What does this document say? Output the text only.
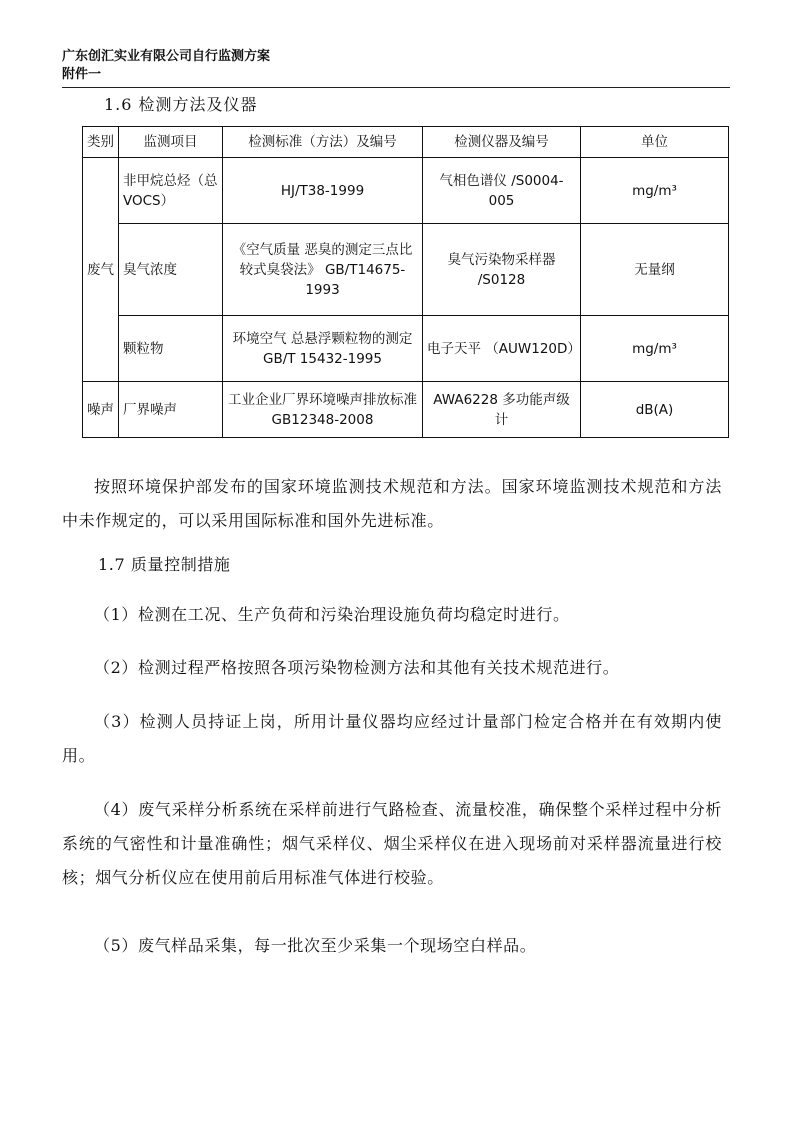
广东创汇实业有限公司自行监测方案
附件一
1.6 检测方法及仪器
类别	监测项目	检测标准（方法）及编号	检测仪器及编号	单位
废气	非甲烷总烃（总 VOCS）	HJ/T38-1999	气相色谱仪 /S0004-005	mg/m³
	臭气浓度	《空气质量 恶臭的测定三点比较式臭袋法》 GB/T14675-1993	臭气污染物采样器 /S0128	无量纲
	颗粒物	环境空气 总悬浮颗粒物的测定 GB/T 15432-1995	电子天平 （AUW120D）	mg/m³
噪声	厂界噪声	工业企业厂界环境噪声排放标准 GB12348-2008	AWA6228 多功能声级计	dB(A)
按照环境保护部发布的国家环境监测技术规范和方法。国家环境监测技术规范和方法中未作规定的，可以采用国际标准和国外先进标准。
1.7 质量控制措施
（1）检测在工况、生产负荷和污染治理设施负荷均稳定时进行。
（2）检测过程严格按照各项污染物检测方法和其他有关技术规范进行。
（3）检测人员持证上岗，所用计量仪器均应经过计量部门检定合格并在有效期内使用。
（4）废气采样分析系统在采样前进行气路检查、流量校准，确保整个采样过程中分析系统的气密性和计量准确性；烟气采样仪、烟尘采样仪在进入现场前对采样器流量进行校核；烟气分析仪应在使用前后用标准气体进行校验。
（5）废气样品采集，每一批次至少采集一个现场空白样品。
